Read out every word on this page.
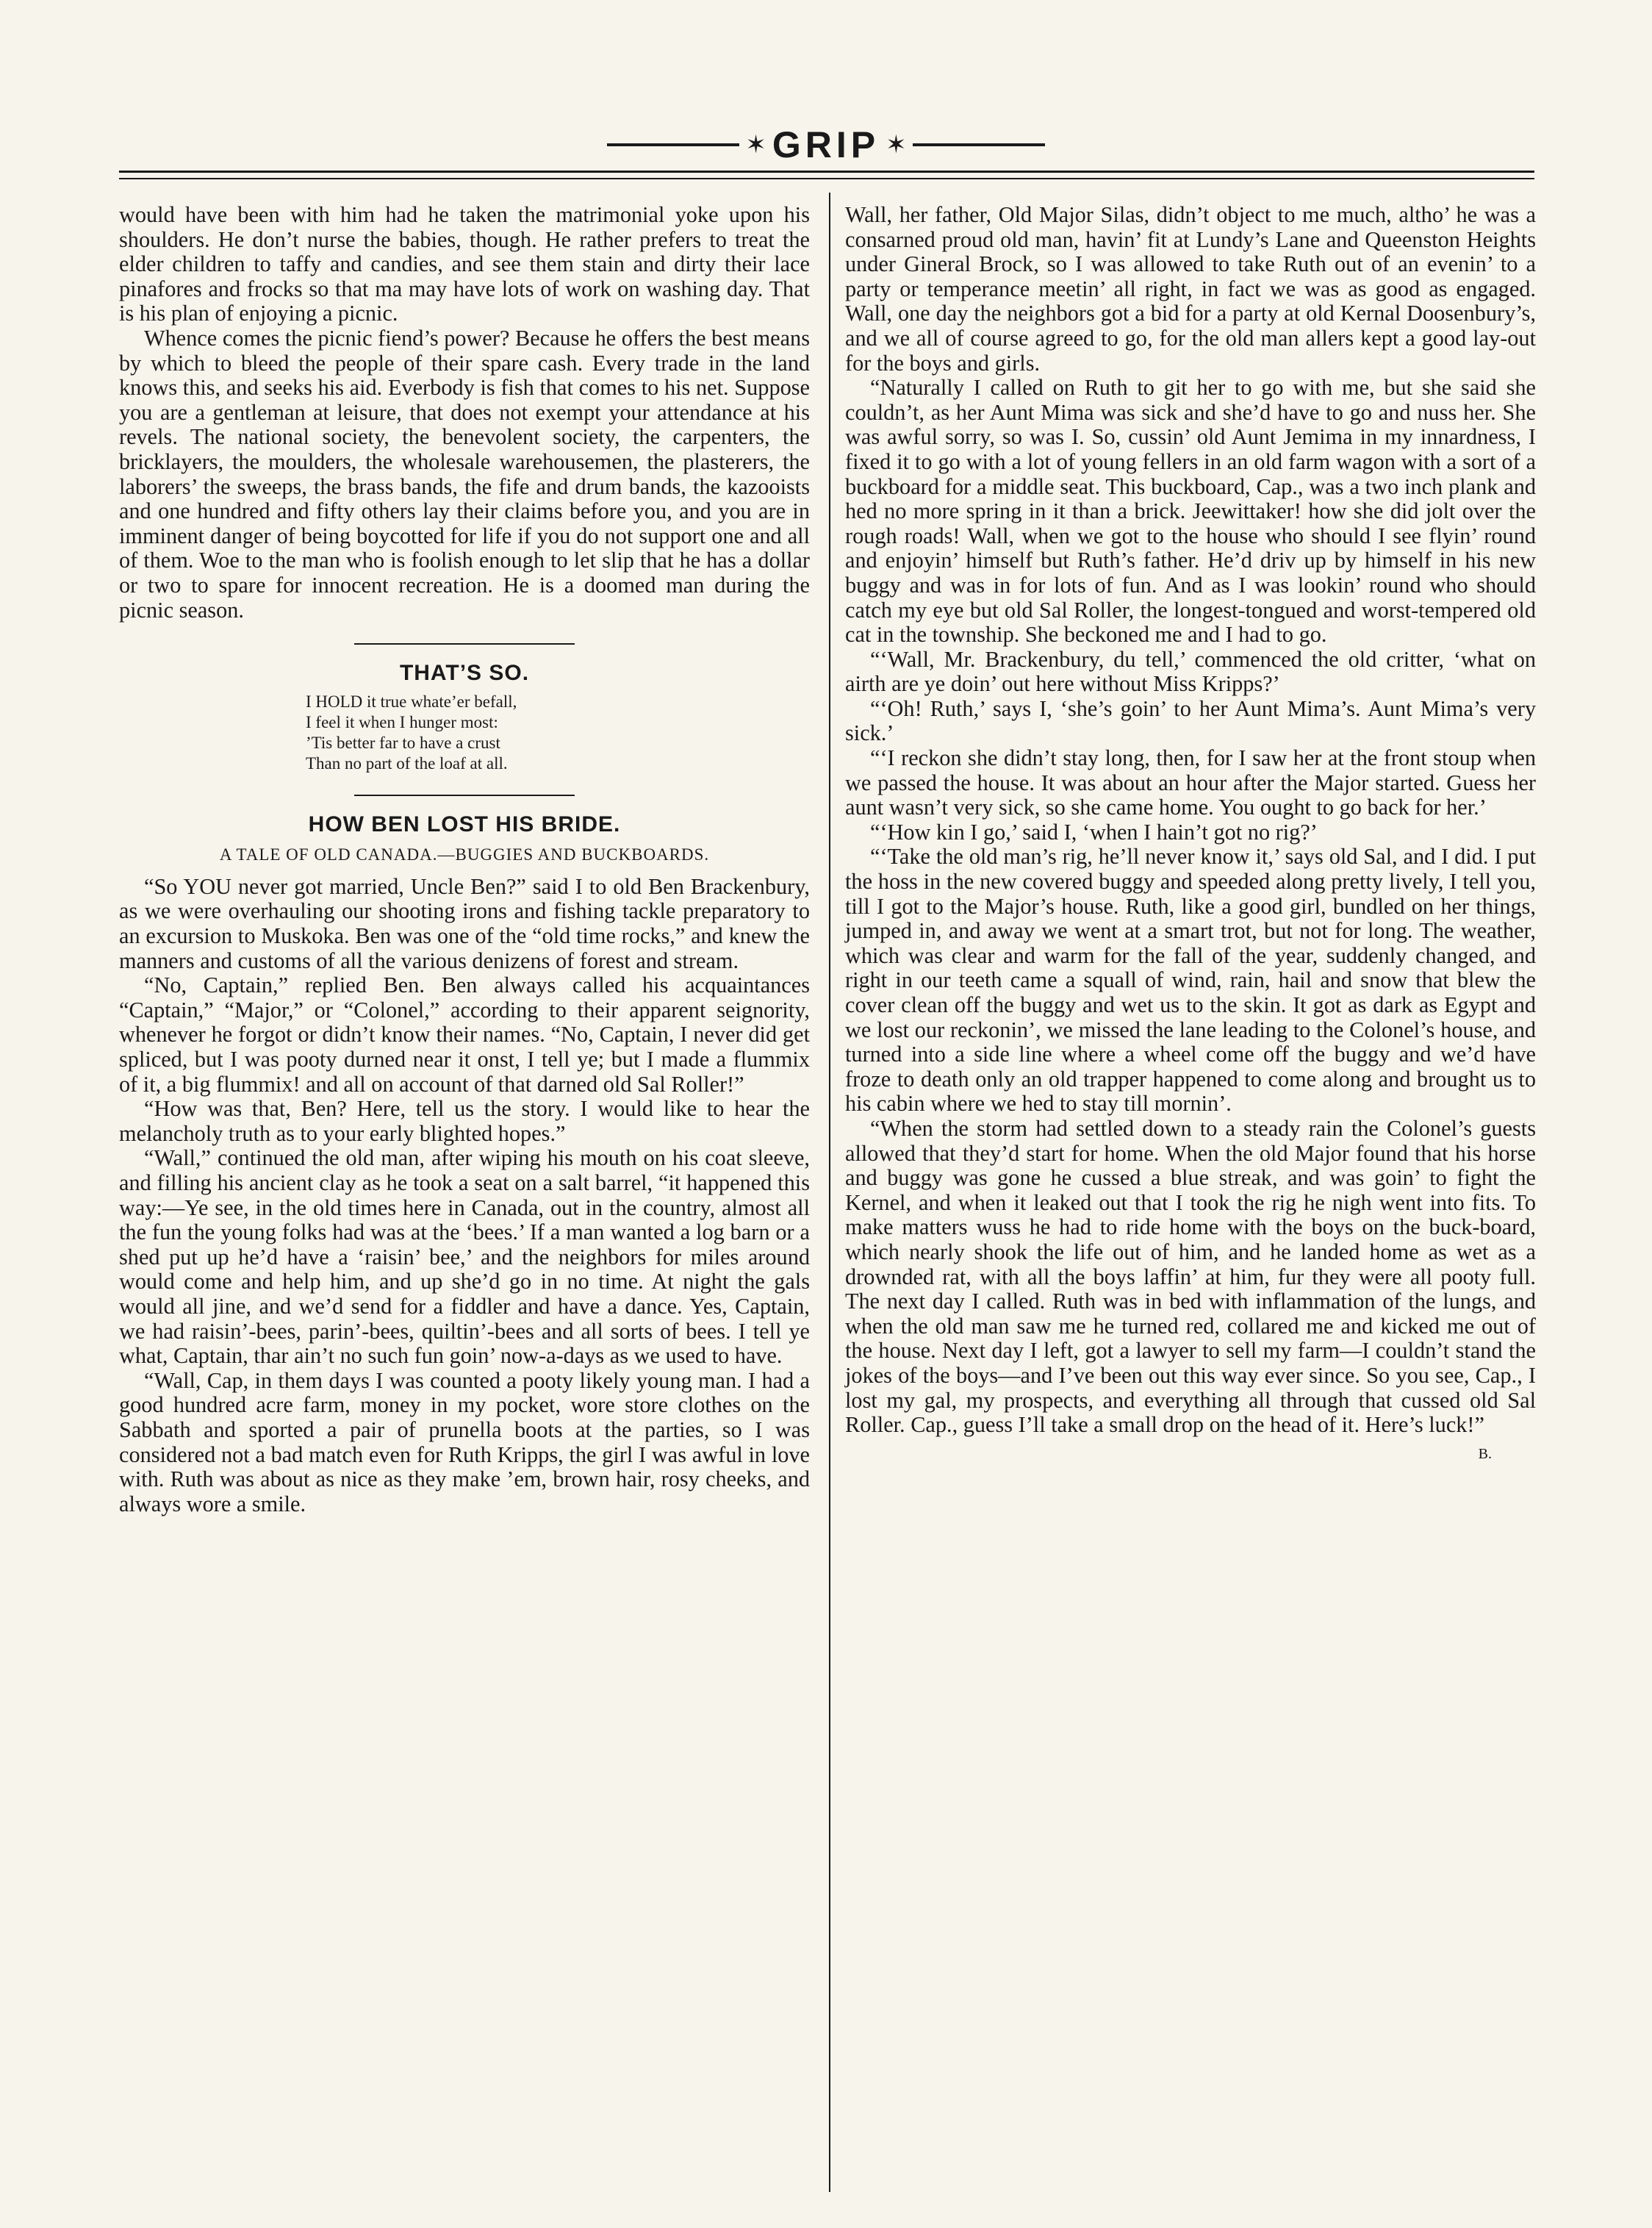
✶ GRIP ✶

would have been with him had he taken the matrimonial yoke upon his shoulders. He don’t nurse the babies, though. He rather prefers to treat the elder children to taffy and candies, and see them stain and dirty their lace pinafores and frocks so that ma may have lots of work on washing day. That is his plan of enjoying a picnic.

Whence comes the picnic fiend’s power? Because he offers the best means by which to bleed the people of their spare cash. Every trade in the land knows this, and seeks his aid. Everbody is fish that comes to his net. Suppose you are a gentleman at leisure, that does not exempt your attendance at his revels. The national society, the benevolent society, the carpenters, the bricklayers, the moulders, the wholesale warehousemen, the plasterers, the laborers’ the sweeps, the brass bands, the fife and drum bands, the kazooists and one hundred and fifty others lay their claims before you, and you are in imminent danger of being boycotted for life if you do not support one and all of them. Woe to the man who is foolish enough to let slip that he has a dollar or two to spare for innocent recreation. He is a doomed man during the picnic season.

THAT’S SO.
I HOLD it true whate’er befall,
I feel it when I hunger most:
’Tis better far to have a crust
Than no part of the loaf at all.
HOW BEN LOST HIS BRIDE.
A TALE OF OLD CANADA.—BUGGIES AND BUCKBOARDS.

“So YOU never got married, Uncle Ben?” said I to old Ben Brackenbury, as we were overhauling our shooting irons and fishing tackle preparatory to an excursion to Muskoka. Ben was one of the “old time rocks,” and knew the manners and customs of all the various denizens of forest and stream.

“No, Captain,” replied Ben. Ben always called his acquaintances “Captain,” “Major,” or “Colonel,” according to their apparent seignority, whenever he forgot or didn’t know their names. “No, Captain, I never did get spliced, but I was pooty durned near it onst, I tell ye; but I made a flummix of it, a big flummix! and all on account of that darned old Sal Roller!”

“How was that, Ben? Here, tell us the story. I would like to hear the melancholy truth as to your early blighted hopes.”

“Wall,” continued the old man, after wiping his mouth on his coat sleeve, and filling his ancient clay as he took a seat on a salt barrel, “it happened this way:—Ye see, in the old times here in Canada, out in the country, almost all the fun the young folks had was at the ‘bees.’ If a man wanted a log barn or a shed put up he’d have a ‘raisin’ bee,’ and the neighbors for miles around would come and help him, and up she’d go in no time. At night the gals would all jine, and we’d send for a fiddler and have a dance. Yes, Captain, we had raisin’-bees, parin’-bees, quiltin’-bees and all sorts of bees. I tell ye what, Captain, thar ain’t no such fun goin’ now-a-days as we used to have.

“Wall, Cap, in them days I was counted a pooty likely young man. I had a good hundred acre farm, money in my pocket, wore store clothes on the Sabbath and sported a pair of prunella boots at the parties, so I was considered not a bad match even for Ruth Kripps, the girl I was awful in love with. Ruth was about as nice as they make ’em, brown hair, rosy cheeks, and always wore a smile.

Wall, her father, Old Major Silas, didn’t object to me much, altho’ he was a consarned proud old man, havin’ fit at Lundy’s Lane and Queenston Heights under Gineral Brock, so I was allowed to take Ruth out of an evenin’ to a party or temperance meetin’ all right, in fact we was as good as engaged. Wall, one day the neighbors got a bid for a party at old Kernal Doosenbury’s, and we all of course agreed to go, for the old man allers kept a good lay-out for the boys and girls.

“Naturally I called on Ruth to git her to go with me, but she said she couldn’t, as her Aunt Mima was sick and she’d have to go and nuss her. She was awful sorry, so was I. So, cussin’ old Aunt Jemima in my innardness, I fixed it to go with a lot of young fellers in an old farm wagon with a sort of a buckboard for a middle seat. This buckboard, Cap., was a two inch plank and hed no more spring in it than a brick. Jeewittaker! how she did jolt over the rough roads! Wall, when we got to the house who should I see flyin’ round and enjoyin’ himself but Ruth’s father. He’d driv up by himself in his new buggy and was in for lots of fun. And as I was lookin’ round who should catch my eye but old Sal Roller, the longest-tongued and worst-tempered old cat in the township. She beckoned me and I had to go.

“‘Wall, Mr. Brackenbury, du tell,’ commenced the old critter, ‘what on airth are ye doin’ out here without Miss Kripps?’

“‘Oh! Ruth,’ says I, ‘she’s goin’ to her Aunt Mima’s. Aunt Mima’s very sick.’

“‘I reckon she didn’t stay long, then, for I saw her at the front stoup when we passed the house. It was about an hour after the Major started. Guess her aunt wasn’t very sick, so she came home. You ought to go back for her.’

“‘How kin I go,’ said I, ‘when I hain’t got no rig?’

“‘Take the old man’s rig, he’ll never know it,’ says old Sal, and I did. I put the hoss in the new covered buggy and speeded along pretty lively, I tell you, till I got to the Major’s house. Ruth, like a good girl, bundled on her things, jumped in, and away we went at a smart trot, but not for long. The weather, which was clear and warm for the fall of the year, suddenly changed, and right in our teeth came a squall of wind, rain, hail and snow that blew the cover clean off the buggy and wet us to the skin. It got as dark as Egypt and we lost our reckonin’, we missed the lane leading to the Colonel’s house, and turned into a side line where a wheel come off the buggy and we’d have froze to death only an old trapper happened to come along and brought us to his cabin where we hed to stay till mornin’.

“When the storm had settled down to a steady rain the Colonel’s guests allowed that they’d start for home. When the old Major found that his horse and buggy was gone he cussed a blue streak, and was goin’ to fight the Kernel, and when it leaked out that I took the rig he nigh went into fits. To make matters wuss he had to ride home with the boys on the buck-board, which nearly shook the life out of him, and he landed home as wet as a drownded rat, with all the boys laffin’ at him, fur they were all pooty full. The next day I called. Ruth was in bed with inflammation of the lungs, and when the old man saw me he turned red, collared me and kicked me out of the house. Next day I left, got a lawyer to sell my farm—I couldn’t stand the jokes of the boys—and I’ve been out this way ever since. So you see, Cap., I lost my gal, my prospects, and everything all through that cussed old Sal Roller. Cap., guess I’ll take a small drop on the head of it. Here’s luck!”
B.
